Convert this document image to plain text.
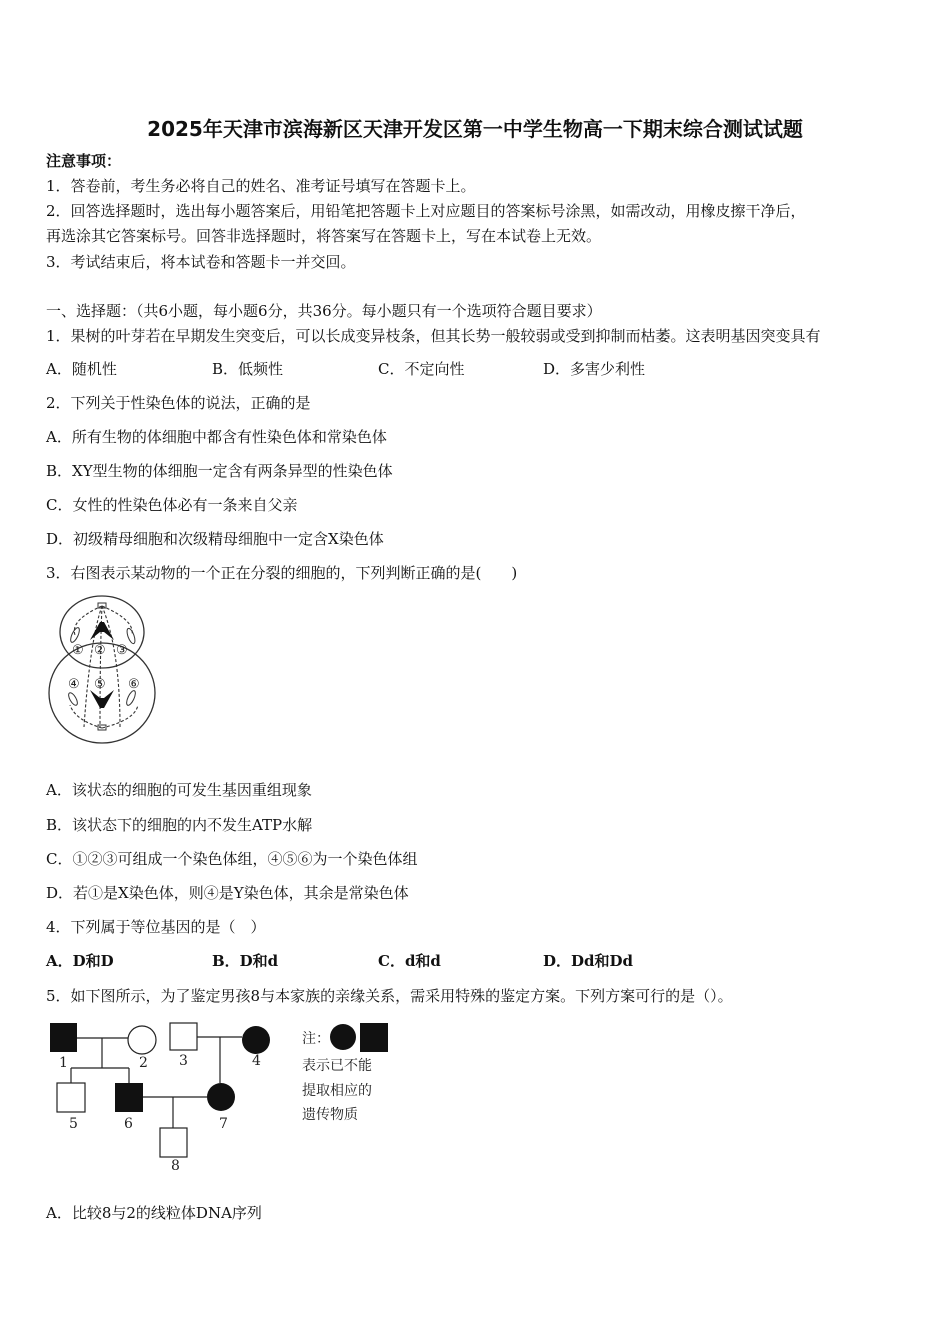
2025年天津市滨海新区天津开发区第一中学生物高一下期末综合测试试题
注意事项：
1．答卷前，考生务必将自己的姓名、准考证号填写在答题卡上。
2．回答选择题时，选出每小题答案后，用铅笔把答题卡上对应题目的答案标号涂黑，如需改动，用橡皮擦干净后，
再选涂其它答案标号。回答非选择题时，将答案写在答题卡上，写在本试卷上无效。
3．考试结束后，将本试卷和答题卡一并交回。
一、选择题：（共6小题，每小题6分，共36分。每小题只有一个选项符合题目要求）
1．果树的叶芽若在早期发生突变后，可以长成变异枝条，但其长势一般较弱或受到抑制而枯萎。这表明基因突变具有
A．随机性	B．低频性	C．不定向性	D．多害少利性
2．下列关于性染色体的说法，正确的是
A．所有生物的体细胞中都含有性染色体和常染色体
B．XY型生物的体细胞一定含有两条异型的性染色体
C．女性的性染色体必有一条来自父亲
D．初级精母细胞和次级精母细胞中一定含X染色体
3．右图表示某动物的一个正在分裂的细胞的，下列判断正确的是(　　)
① ② ③
④ ⑤ ⑥
A．该状态的细胞的可发生基因重组现象
B．该状态下的细胞的内不发生ATP水解
C．①②③可组成一个染色体组，④⑤⑥为一个染色体组
D．若①是X染色体，则④是Y染色体，其余是常染色体
4．下列属于等位基因的是（　）
A．D和D	B．D和d	C．d和d	D．Dd和Dd
5．如下图所示，为了鉴定男孩8与本家族的亲缘关系，需采用特殊的鉴定方案。下列方案可行的是（）。
1	2 3	4
5	6	7
8
注：
表示已不能
提取相应的
遗传物质
A．比较8与2的线粒体DNA序列
